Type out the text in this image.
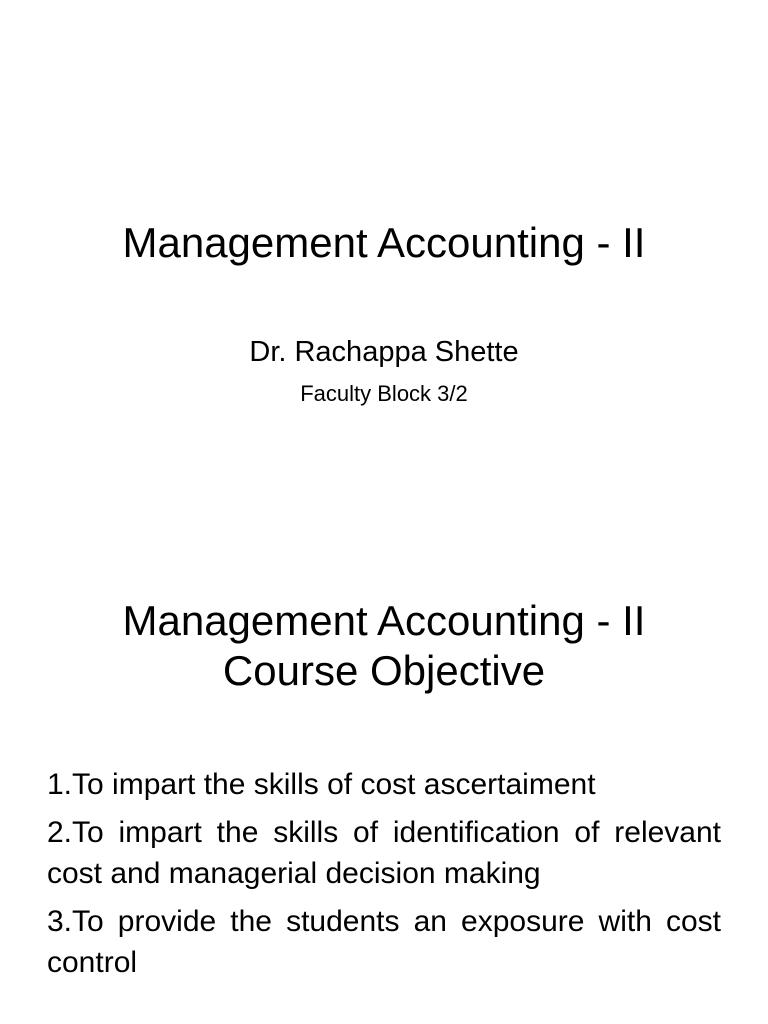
Management Accounting - II
Dr. Rachappa Shette
Faculty Block 3/2
Management Accounting - II
Course Objective
1.To impart the skills of cost ascertaiment
2.To impart the skills of identification of relevant cost and managerial decision making
3.To provide the students an exposure with cost control
